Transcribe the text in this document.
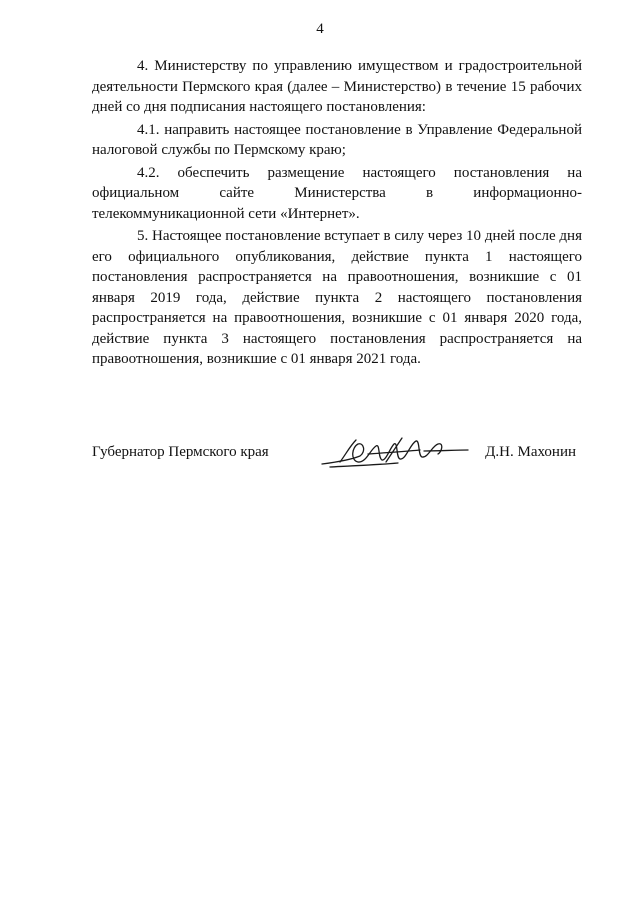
4

4. Министерству по управлению имуществом и градостроительной деятельности Пермского края (далее – Министерство) в течение 15 рабочих дней со дня подписания настоящего постановления:

4.1. направить настоящее постановление в Управление Федеральной налоговой службы по Пермскому краю;

4.2. обеспечить размещение настоящего постановления на официальном сайте Министерства в информационно-телекоммуникационной сети «Интернет».

5. Настоящее постановление вступает в силу через 10 дней после дня его официального опубликования, действие пункта 1 настоящего постановления распространяется на правоотношения, возникшие с 01 января 2019 года, действие пункта 2 настоящего постановления распространяется на правоотношения, возникшие с 01 января 2020 года, действие пункта 3 настоящего постановления распространяется на правоотношения, возникшие с 01 января 2021 года.

Губернатор Пермского края	Д.Н. Махонин
